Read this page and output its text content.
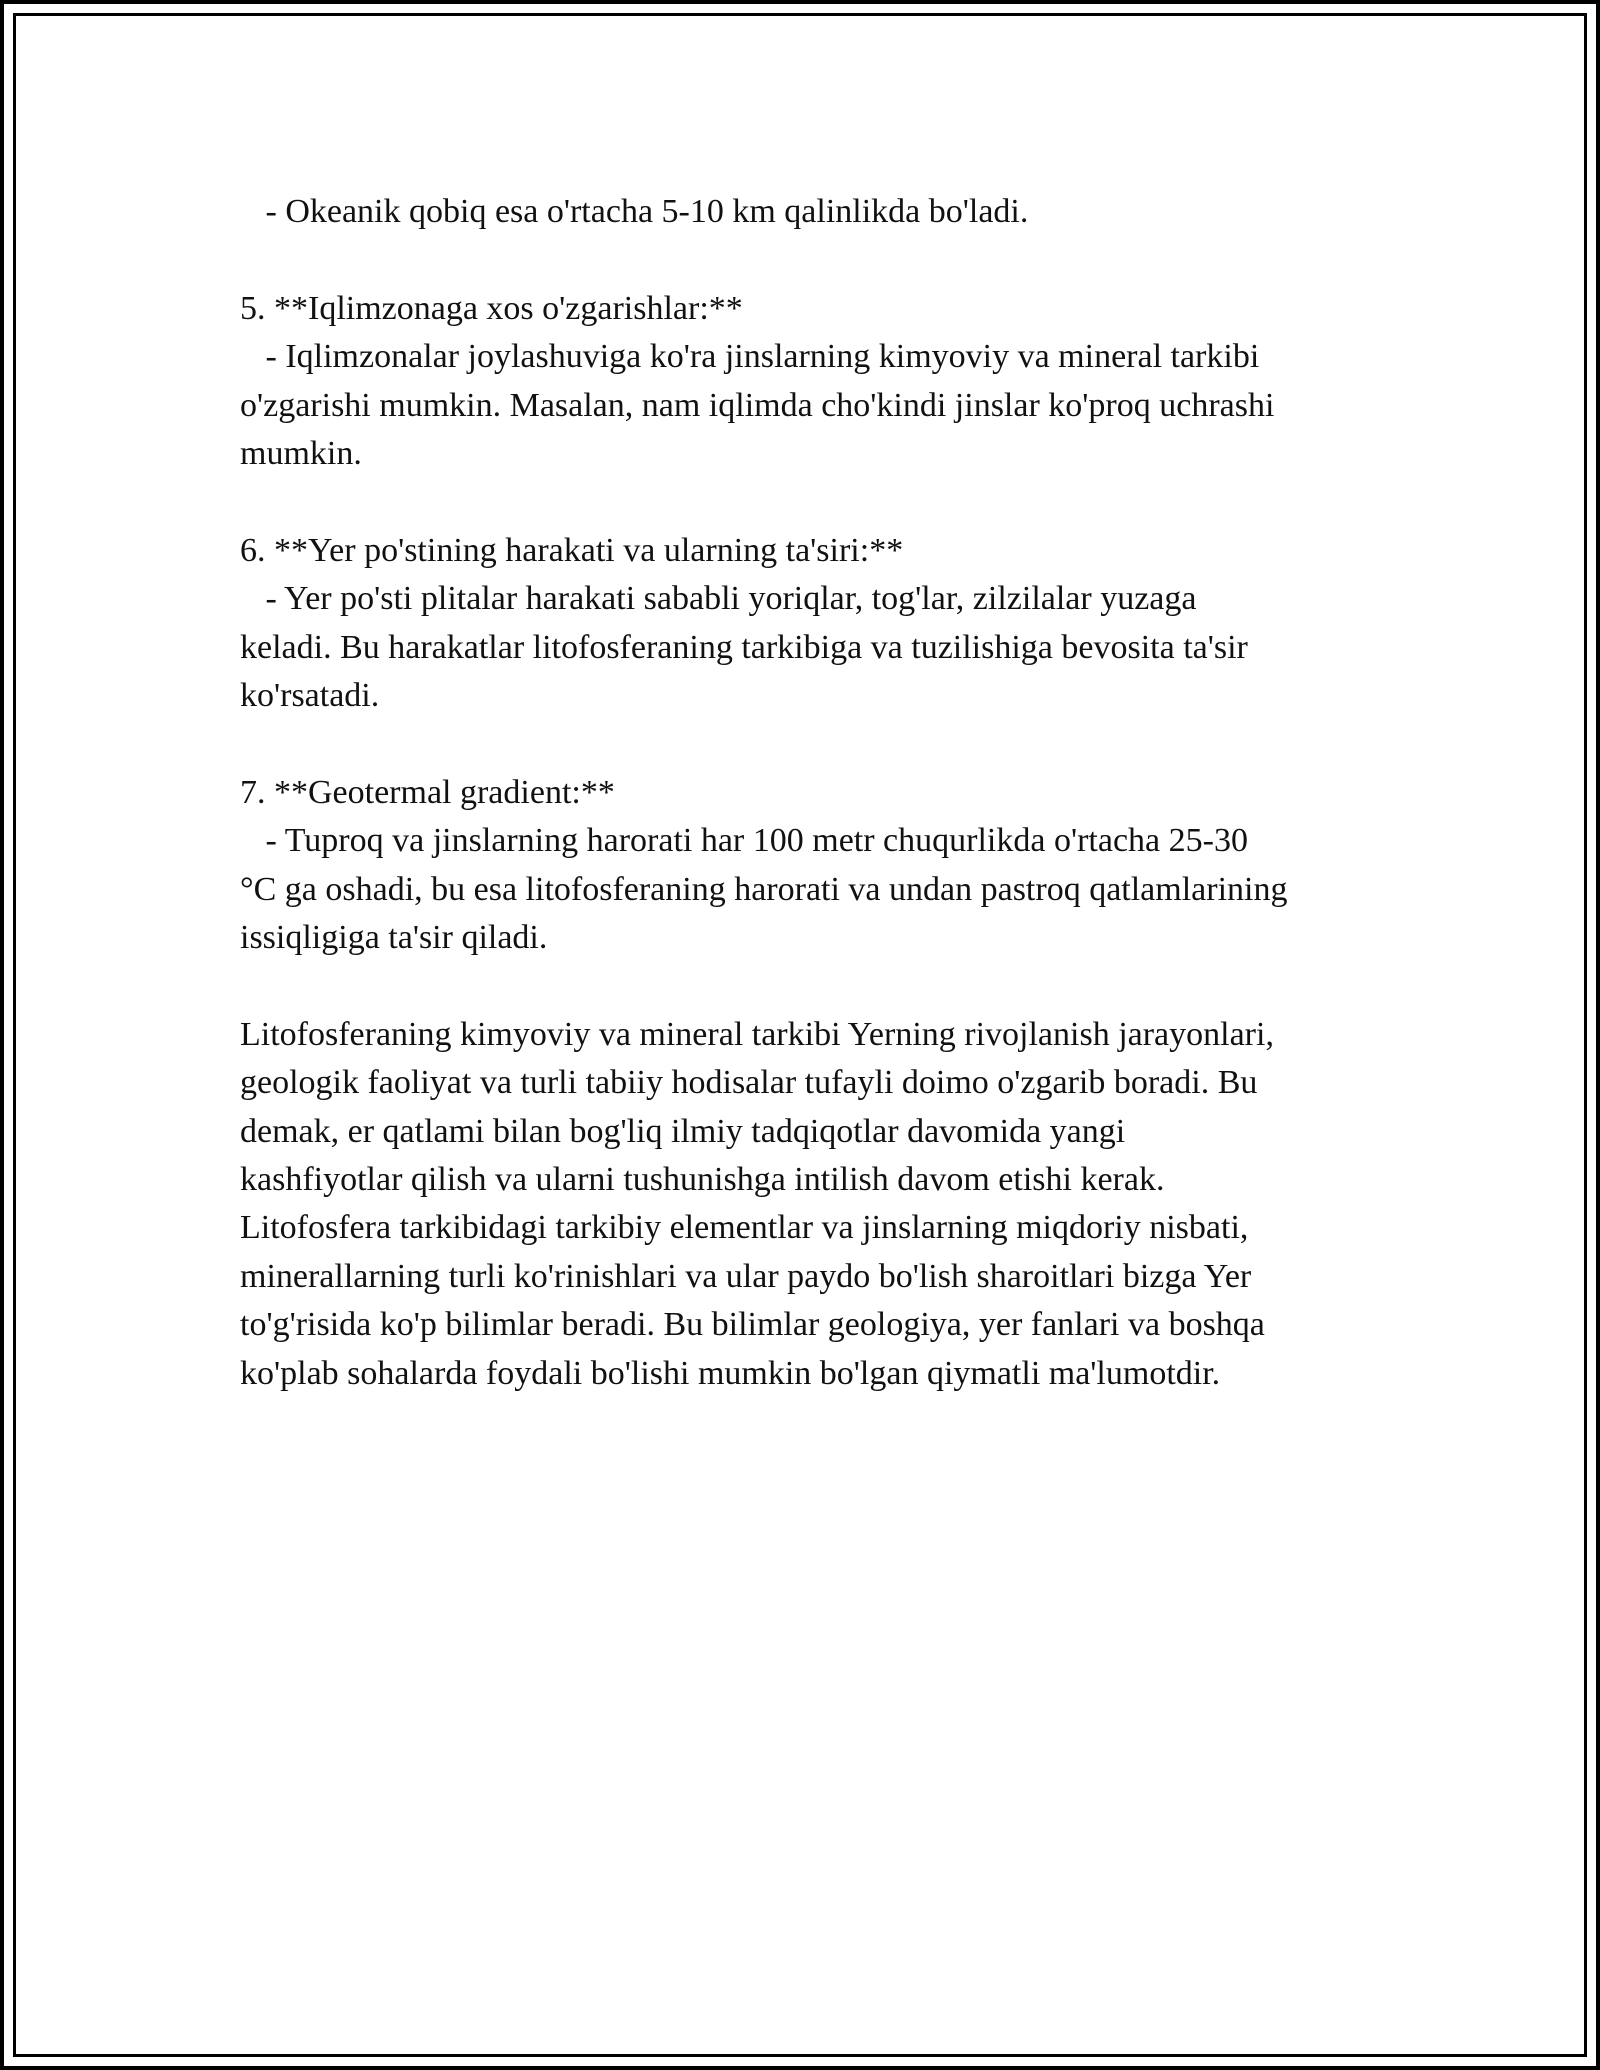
- Okeanik qobiq esa o'rtacha 5-10 km qalinlikda bo'ladi.

5. **Iqlimzonaga xos o'zgarishlar:**

- Iqlimzonalar joylashuviga ko'ra jinslarning kimyoviy va mineral tarkibi

o'zgarishi mumkin. Masalan, nam iqlimda cho'kindi jinslar ko'proq uchrashi

mumkin.

6. **Yer po'stining harakati va ularning ta'siri:**

- Yer po'sti plitalar harakati sababli yoriqlar, tog'lar, zilzilalar yuzaga

keladi. Bu harakatlar litofosferaning tarkibiga va tuzilishiga bevosita ta'sir

ko'rsatadi.

7. **Geotermal gradient:**

- Tuproq va jinslarning harorati har 100 metr chuqurlikda o'rtacha 25-30

°C ga oshadi, bu esa litofosferaning harorati va undan pastroq qatlamlarining

issiqligiga ta'sir qiladi.

Litofosferaning kimyoviy va mineral tarkibi Yerning rivojlanish jarayonlari,

geologik faoliyat va turli tabiiy hodisalar tufayli doimo o'zgarib boradi. Bu

demak, er qatlami bilan bog'liq ilmiy tadqiqotlar davomida yangi

kashfiyotlar qilish va ularni tushunishga intilish davom etishi kerak.

Litofosfera tarkibidagi tarkibiy elementlar va jinslarning miqdoriy nisbati,

minerallarning turli ko'rinishlari va ular paydo bo'lish sharoitlari bizga Yer

to'g'risida ko'p bilimlar beradi. Bu bilimlar geologiya, yer fanlari va boshqa

ko'plab sohalarda foydali bo'lishi mumkin bo'lgan qiymatli ma'lumotdir.
